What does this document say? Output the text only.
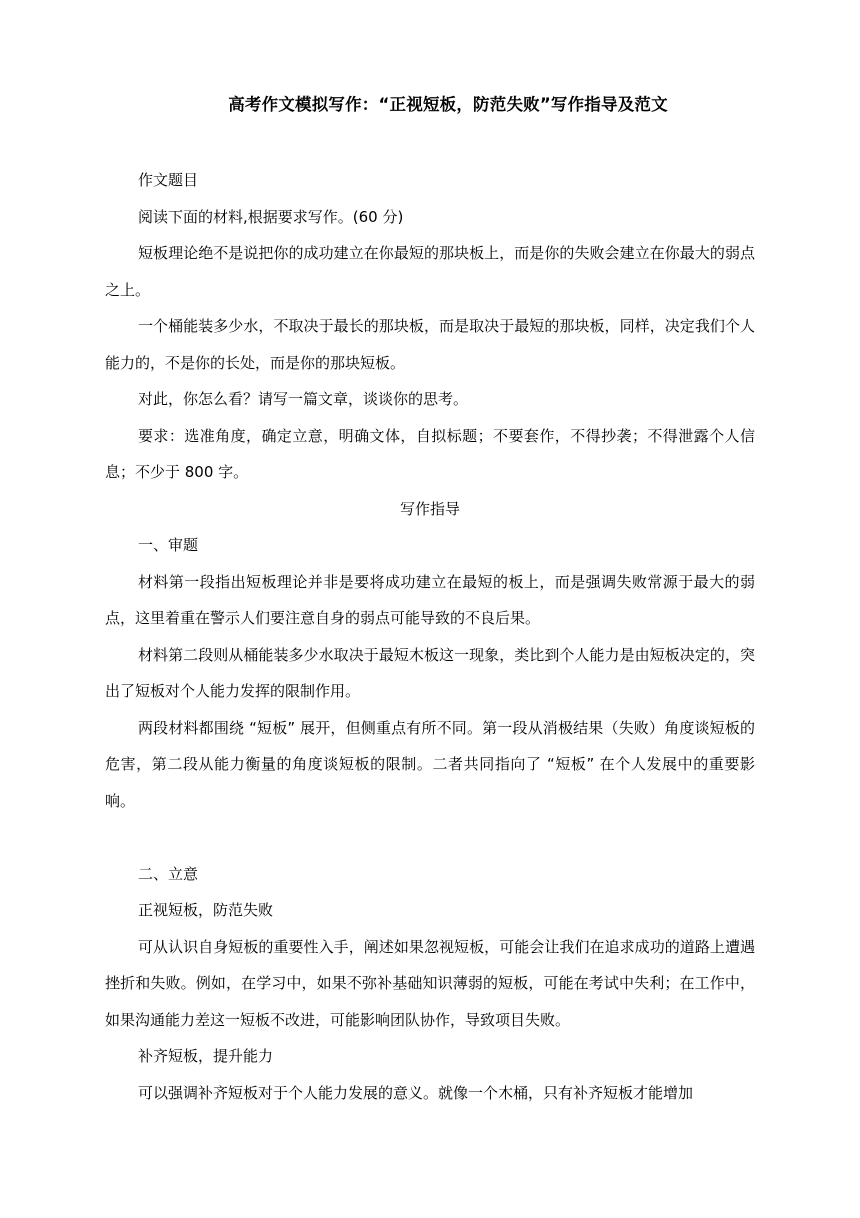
高考作文模拟写作：“正视短板，防范失败”写作指导及范文

作文题目

阅读下面的材料,根据要求写作。(60 分)

短板理论绝不是说把你的成功建立在你最短的那块板上，而是你的失败会建立在你最大的弱点之上。

一个桶能装多少水，不取决于最长的那块板，而是取决于最短的那块板，同样，决定我们个人能力的，不是你的长处，而是你的那块短板。

对此，你怎么看？请写一篇文章，谈谈你的思考。

要求：选准角度，确定立意，明确文体，自拟标题；不要套作，不得抄袭；不得泄露个人信息；不少于 800 字。

写作指导

一、审题

材料第一段指出短板理论并非是要将成功建立在最短的板上，而是强调失败常源于最大的弱点，这里着重在警示人们要注意自身的弱点可能导致的不良后果。

材料第二段则从桶能装多少水取决于最短木板这一现象，类比到个人能力是由短板决定的，突出了短板对个人能力发挥的限制作用。

两段材料都围绕 “短板” 展开，但侧重点有所不同。第一段从消极结果（失败）角度谈短板的危害，第二段从能力衡量的角度谈短板的限制。二者共同指向了 “短板” 在个人发展中的重要影响。

二、立意

正视短板，防范失败

可从认识自身短板的重要性入手，阐述如果忽视短板，可能会让我们在追求成功的道路上遭遇挫折和失败。例如，在学习中，如果不弥补基础知识薄弱的短板，可能在考试中失利；在工作中，如果沟通能力差这一短板不改进，可能影响团队协作，导致项目失败。

补齐短板，提升能力

可以强调补齐短板对于个人能力发展的意义。就像一个木桶，只有补齐短板才能增加
